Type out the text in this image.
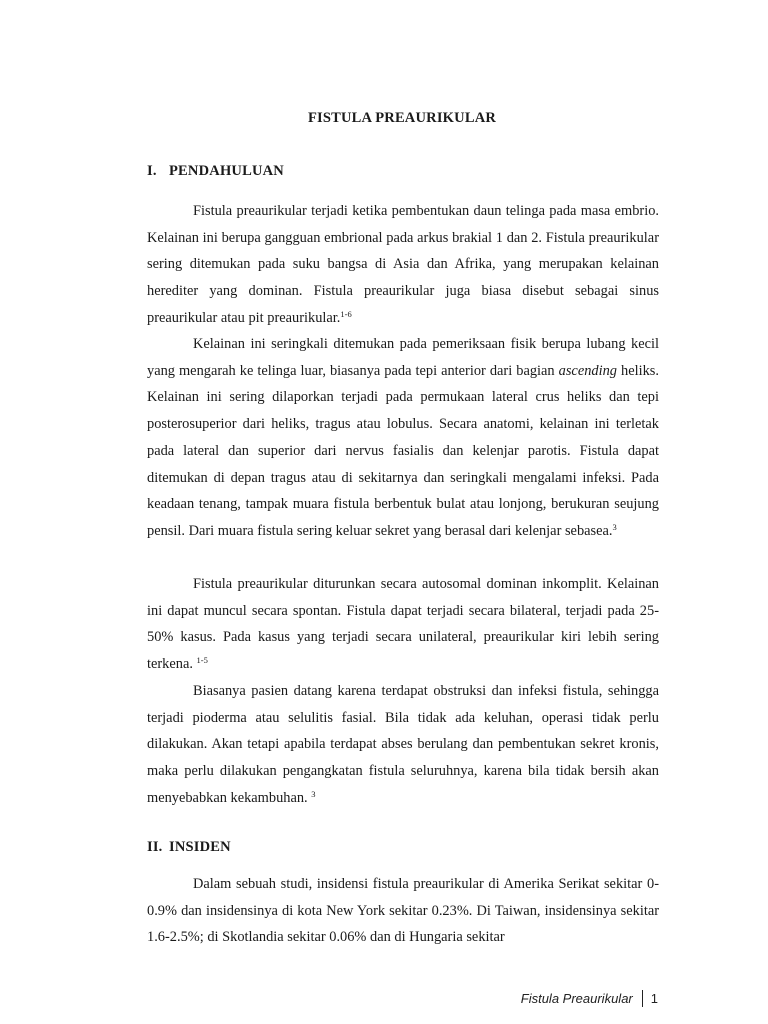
FISTULA PREAURIKULAR
I. PENDAHULUAN

Fistula preaurikular terjadi ketika pembentukan daun telinga pada masa embrio. Kelainan ini berupa gangguan embrional pada arkus brakial 1 dan 2. Fistula preaurikular sering ditemukan pada suku bangsa di Asia dan Afrika, yang merupakan kelainan herediter yang dominan. Fistula preaurikular juga biasa disebut sebagai sinus preaurikular atau pit preaurikular.$^{1-6}$

Kelainan ini seringkali ditemukan pada pemeriksaan fisik berupa lubang kecil yang mengarah ke telinga luar, biasanya pada tepi anterior dari bagian ascending heliks. Kelainan ini sering dilaporkan terjadi pada permukaan lateral crus heliks dan tepi posterosuperior dari heliks, tragus atau lobulus. Secara anatomi, kelainan ini terletak pada lateral dan superior dari nervus fasialis dan kelenjar parotis. Fistula dapat ditemukan di depan tragus atau di sekitarnya dan seringkali mengalami infeksi. Pada keadaan tenang, tampak muara fistula berbentuk bulat atau lonjong, berukuran seujung pensil. Dari muara fistula sering keluar sekret yang berasal dari kelenjar sebasea.$^3$

Fistula preaurikular diturunkan secara autosomal dominan inkomplit. Kelainan ini dapat muncul secara spontan. Fistula dapat terjadi secara bilateral, terjadi pada 25-50% kasus. Pada kasus yang terjadi secara unilateral, preaurikular kiri lebih sering terkena. $^{1-5}$

Biasanya pasien datang karena terdapat obstruksi dan infeksi fistula, sehingga terjadi pioderma atau selulitis fasial. Bila tidak ada keluhan, operasi tidak perlu dilakukan. Akan tetapi apabila terdapat abses berulang dan pembentukan sekret kronis, maka perlu dilakukan pengangkatan fistula seluruhnya, karena bila tidak bersih akan menyebabkan kekambuhan. $^3$

II. INSIDEN

Dalam sebuah studi, insidensi fistula preaurikular di Amerika Serikat sekitar 0-0.9% dan insidensinya di kota New York sekitar 0.23%. Di Taiwan, insidensinya sekitar 1.6-2.5%; di Skotlandia sekitar 0.06% dan di Hungaria sekitar

Fistula Preaurikular 1
